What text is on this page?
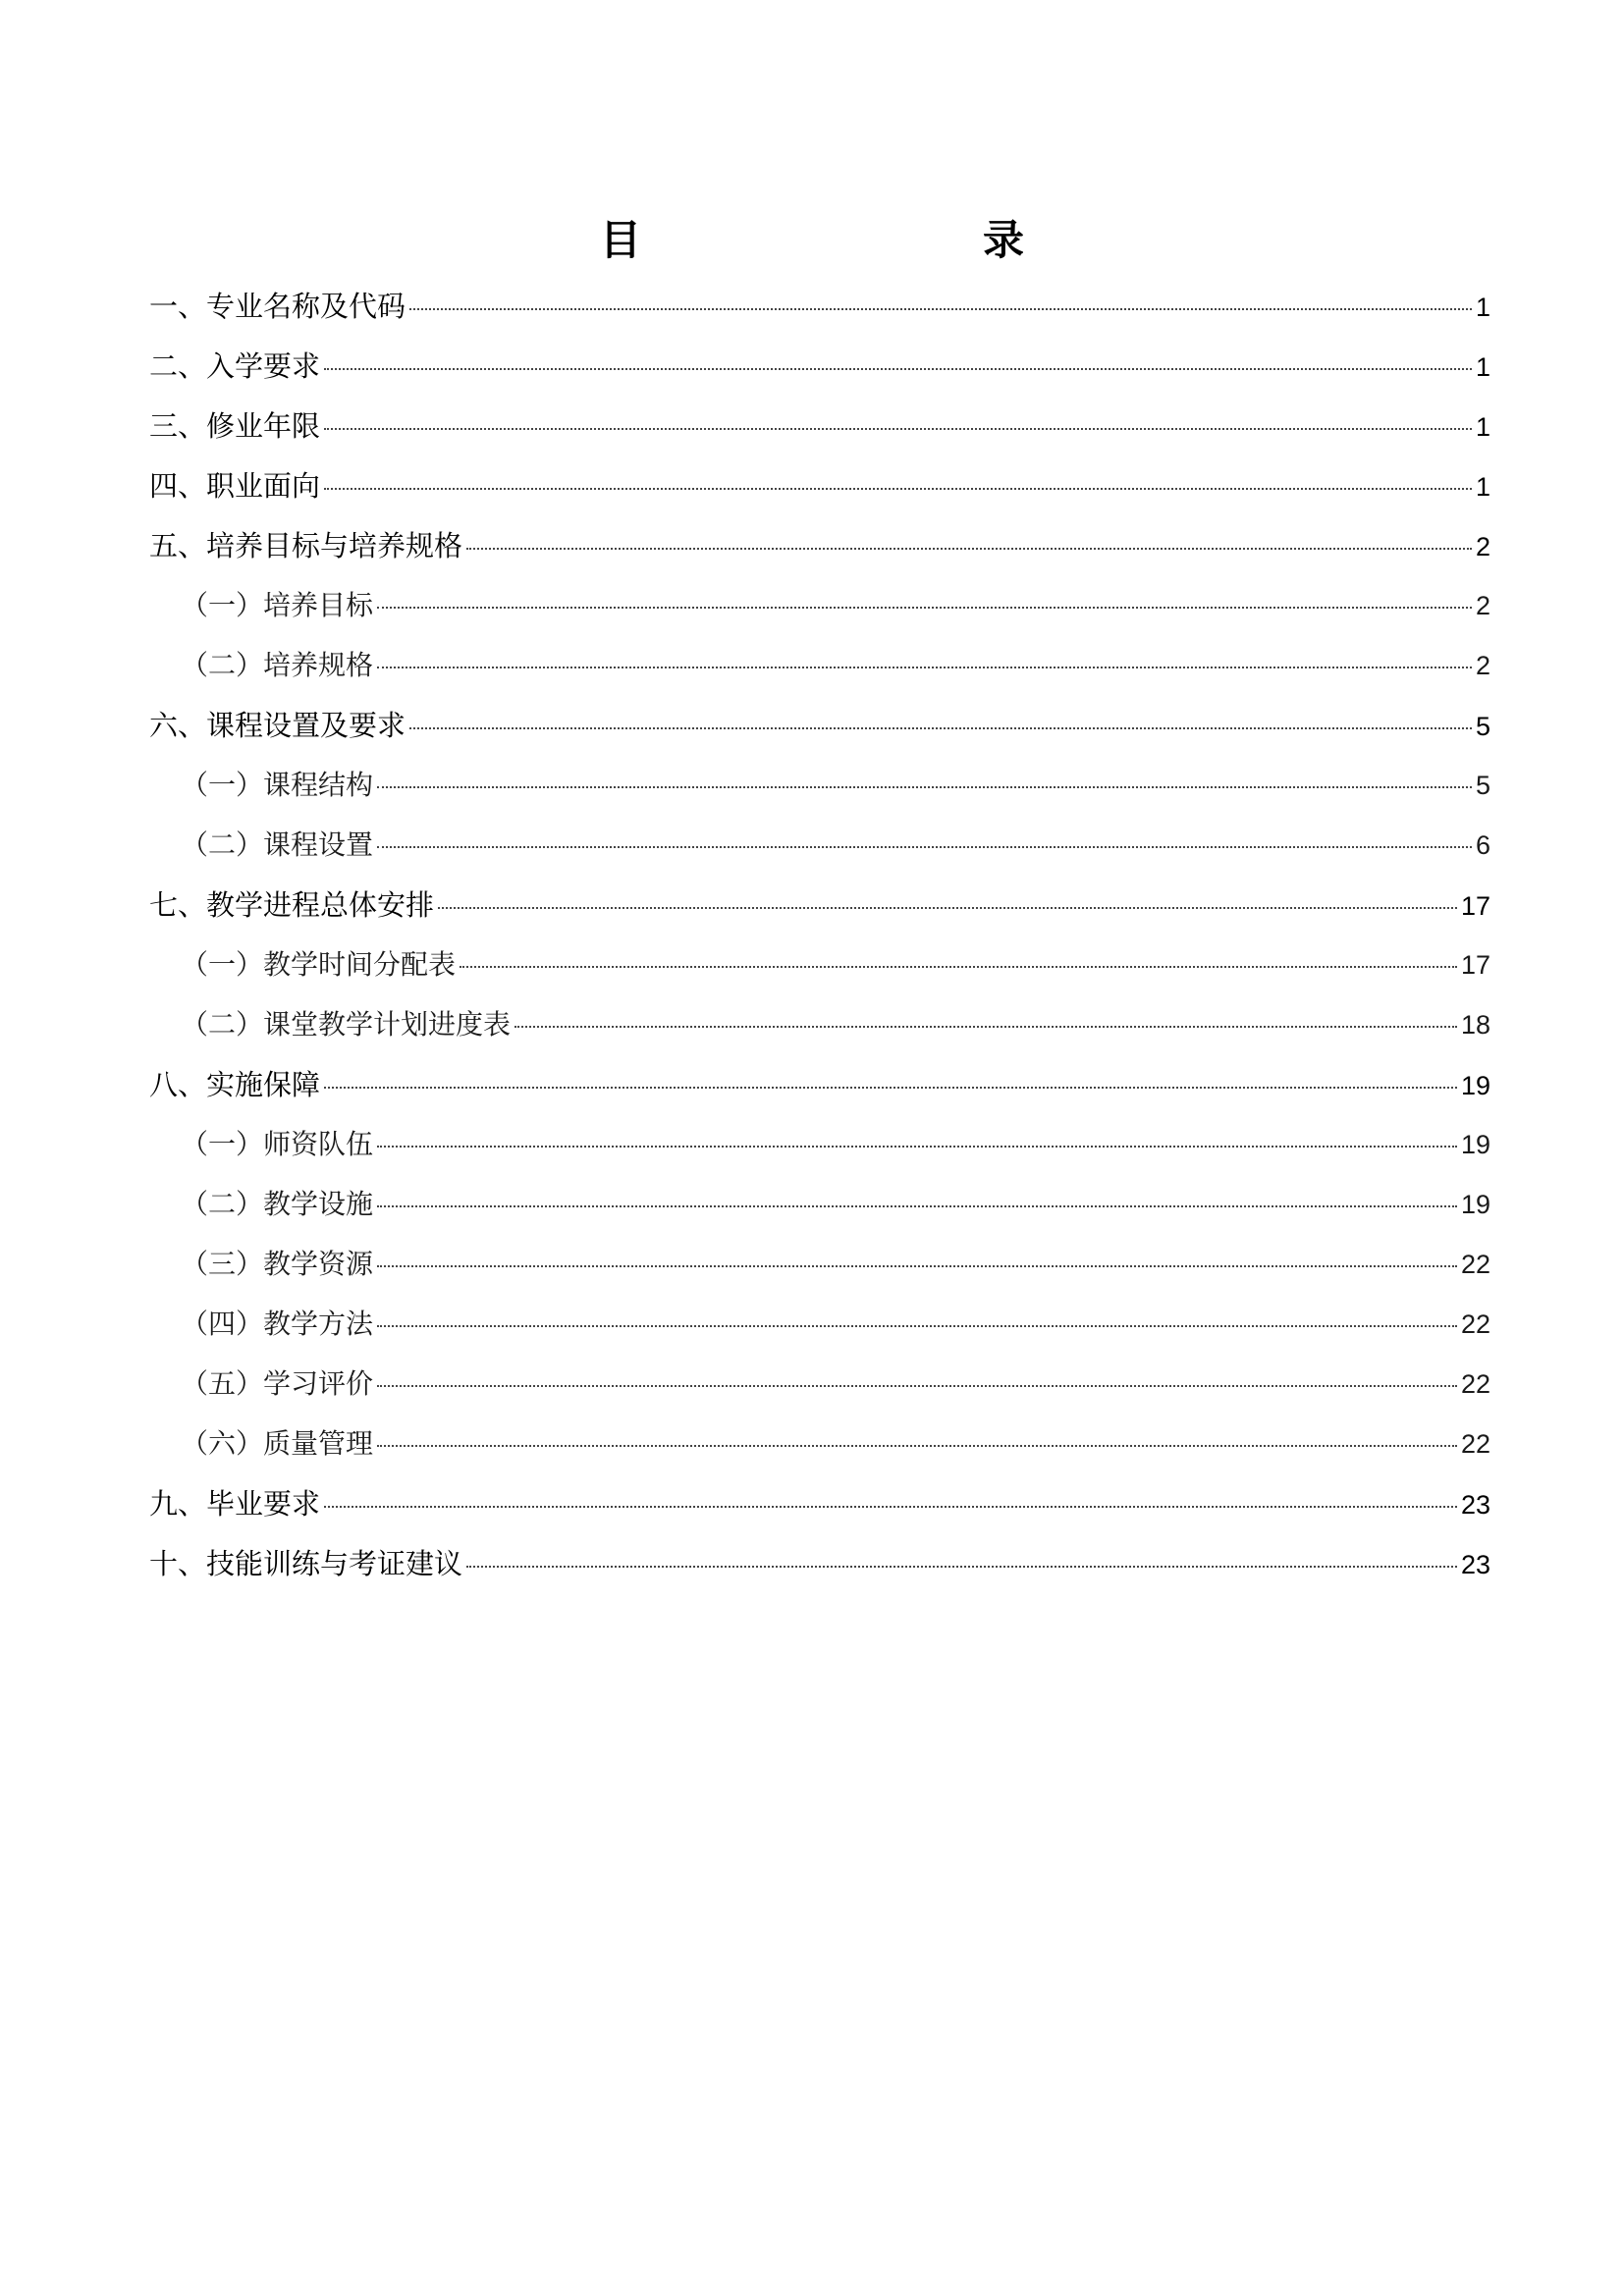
目　　录
一、专业名称及代码	1
二、入学要求	1
三、修业年限	1
四、职业面向	1
五、培养目标与培养规格	2
（一）培养目标	2
（二）培养规格	2
六、课程设置及要求	5
（一）课程结构	5
（二）课程设置	6
七、教学进程总体安排	17
（一）教学时间分配表	17
（二）课堂教学计划进度表	18
八、实施保障	19
（一）师资队伍	19
（二）教学设施	19
（三）教学资源	22
（四）教学方法	22
（五）学习评价	22
（六）质量管理	22
九、毕业要求	23
十、技能训练与考证建议	23
